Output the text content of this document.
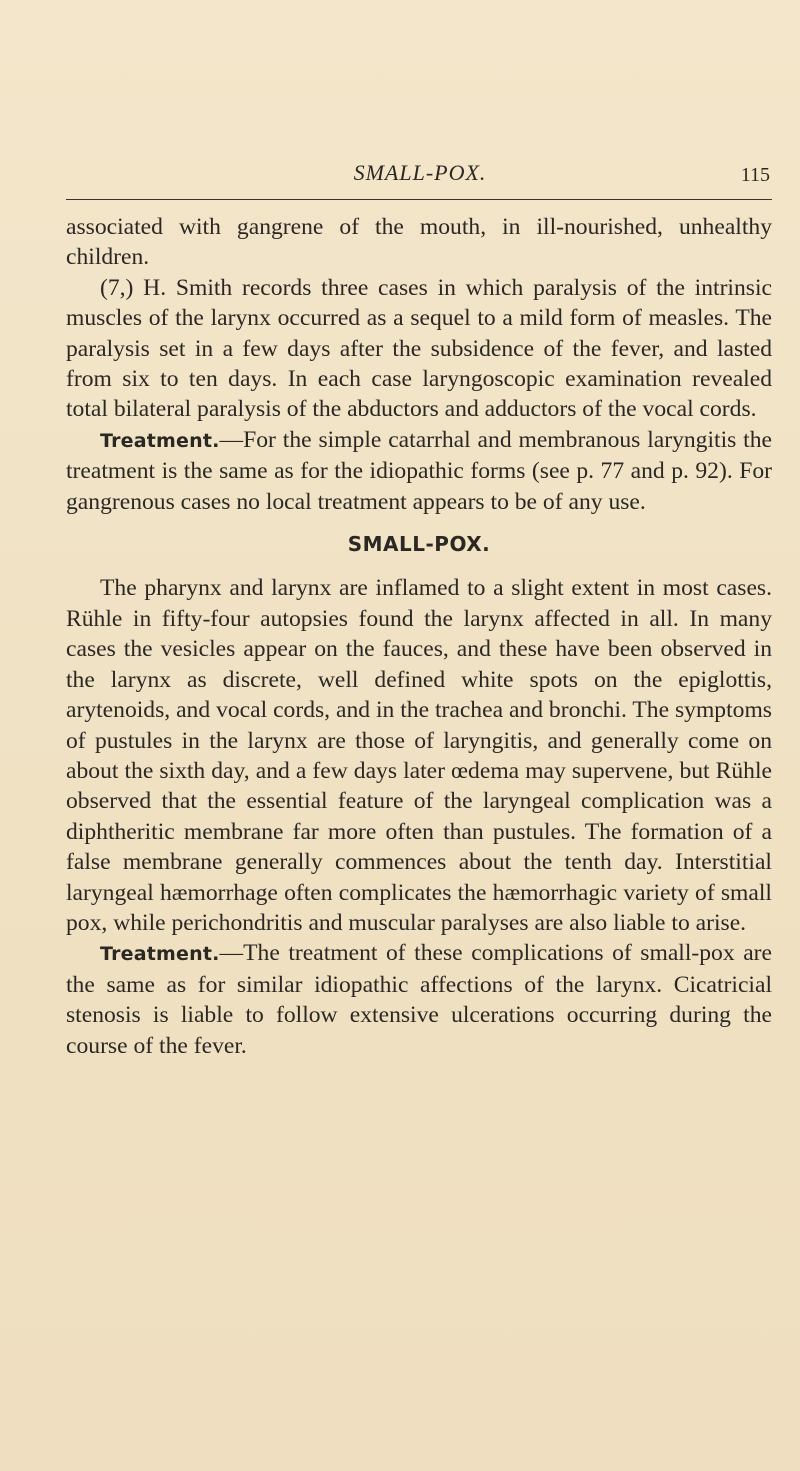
SMALL-POX.	115

associated with gangrene of the mouth, in ill-nourished, unhealthy children.

(7,) H. Smith records three cases in which paralysis of the intrinsic muscles of the larynx occurred as a sequel to a mild form of measles. The paralysis set in a few days after the subsidence of the fever, and lasted from six to ten days. In each case laryngoscopic examination revealed total bilateral paralysis of the abductors and adductors of the vocal cords.

Treatment.—For the simple catarrhal and membranous laryngitis the treatment is the same as for the idiopathic forms (see p. 77 and p. 92). For gangrenous cases no local treatment appears to be of any use.

SMALL-POX.

The pharynx and larynx are inflamed to a slight extent in most cases. Rühle in fifty-four autopsies found the larynx affected in all. In many cases the vesicles appear on the fauces, and these have been observed in the larynx as discrete, well defined white spots on the epiglottis, arytenoids, and vocal cords, and in the trachea and bronchi. The symptoms of pustules in the larynx are those of laryngitis, and generally come on about the sixth day, and a few days later œdema may supervene, but Rühle observed that the essential feature of the laryngeal complication was a diphtheritic membrane far more often than pustules. The formation of a false membrane generally commences about the tenth day. Interstitial laryngeal hæmorrhage often complicates the hæmorrhagic variety of small pox, while perichondritis and muscular paralyses are also liable to arise.

Treatment.—The treatment of these complications of small-pox are the same as for similar idiopathic affections of the larynx. Cicatricial stenosis is liable to follow extensive ulcerations occurring during the course of the fever.
